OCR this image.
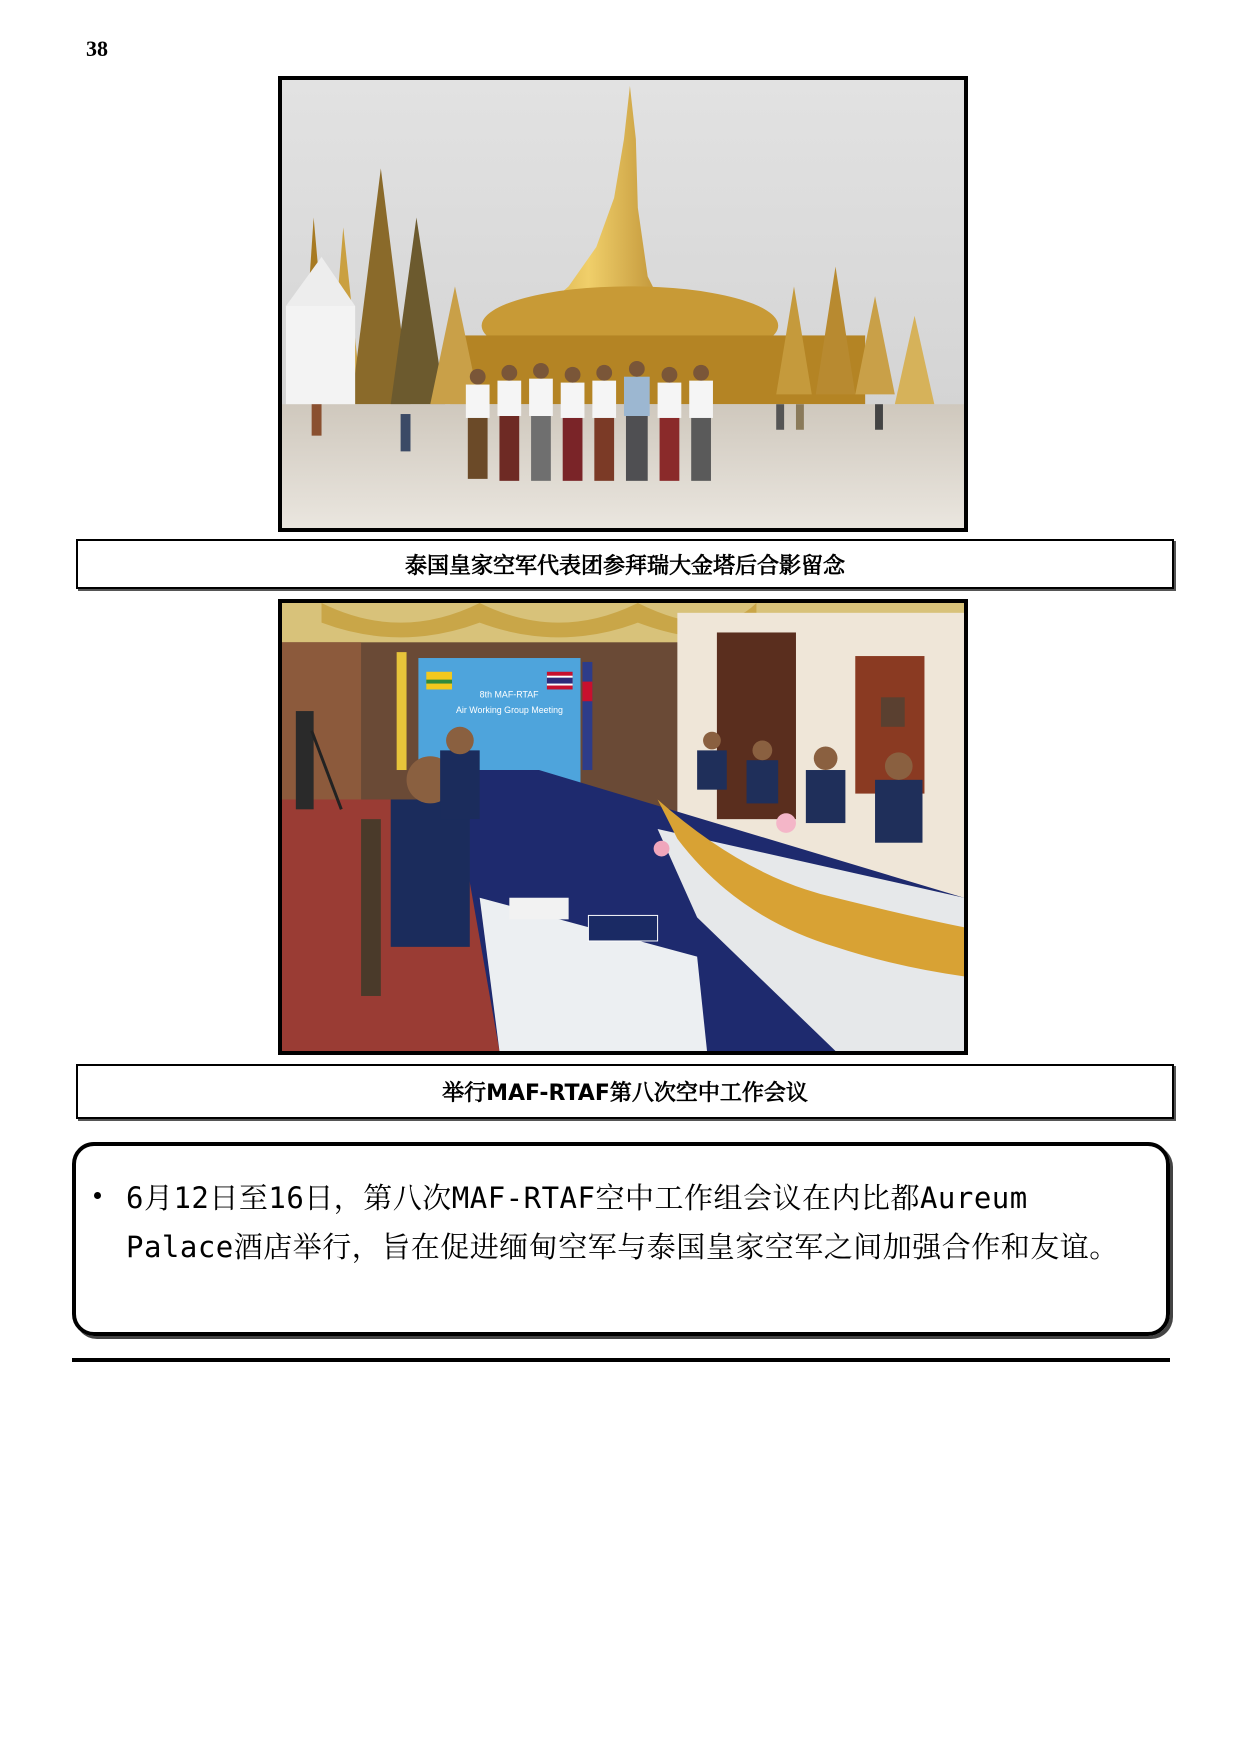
38
泰国皇家空军代表团参拜瑞大金塔后合影留念
8th MAF-RTAF
Air Working Group Meeting
举行MAF-RTAF第八次空中工作会议

6月12日至16日，第八次MAF-RTAF空中工作组会议在内比都Aureum Palace酒店举行，旨在促进缅甸空军与泰国皇家空军之间加强合作和友谊。
